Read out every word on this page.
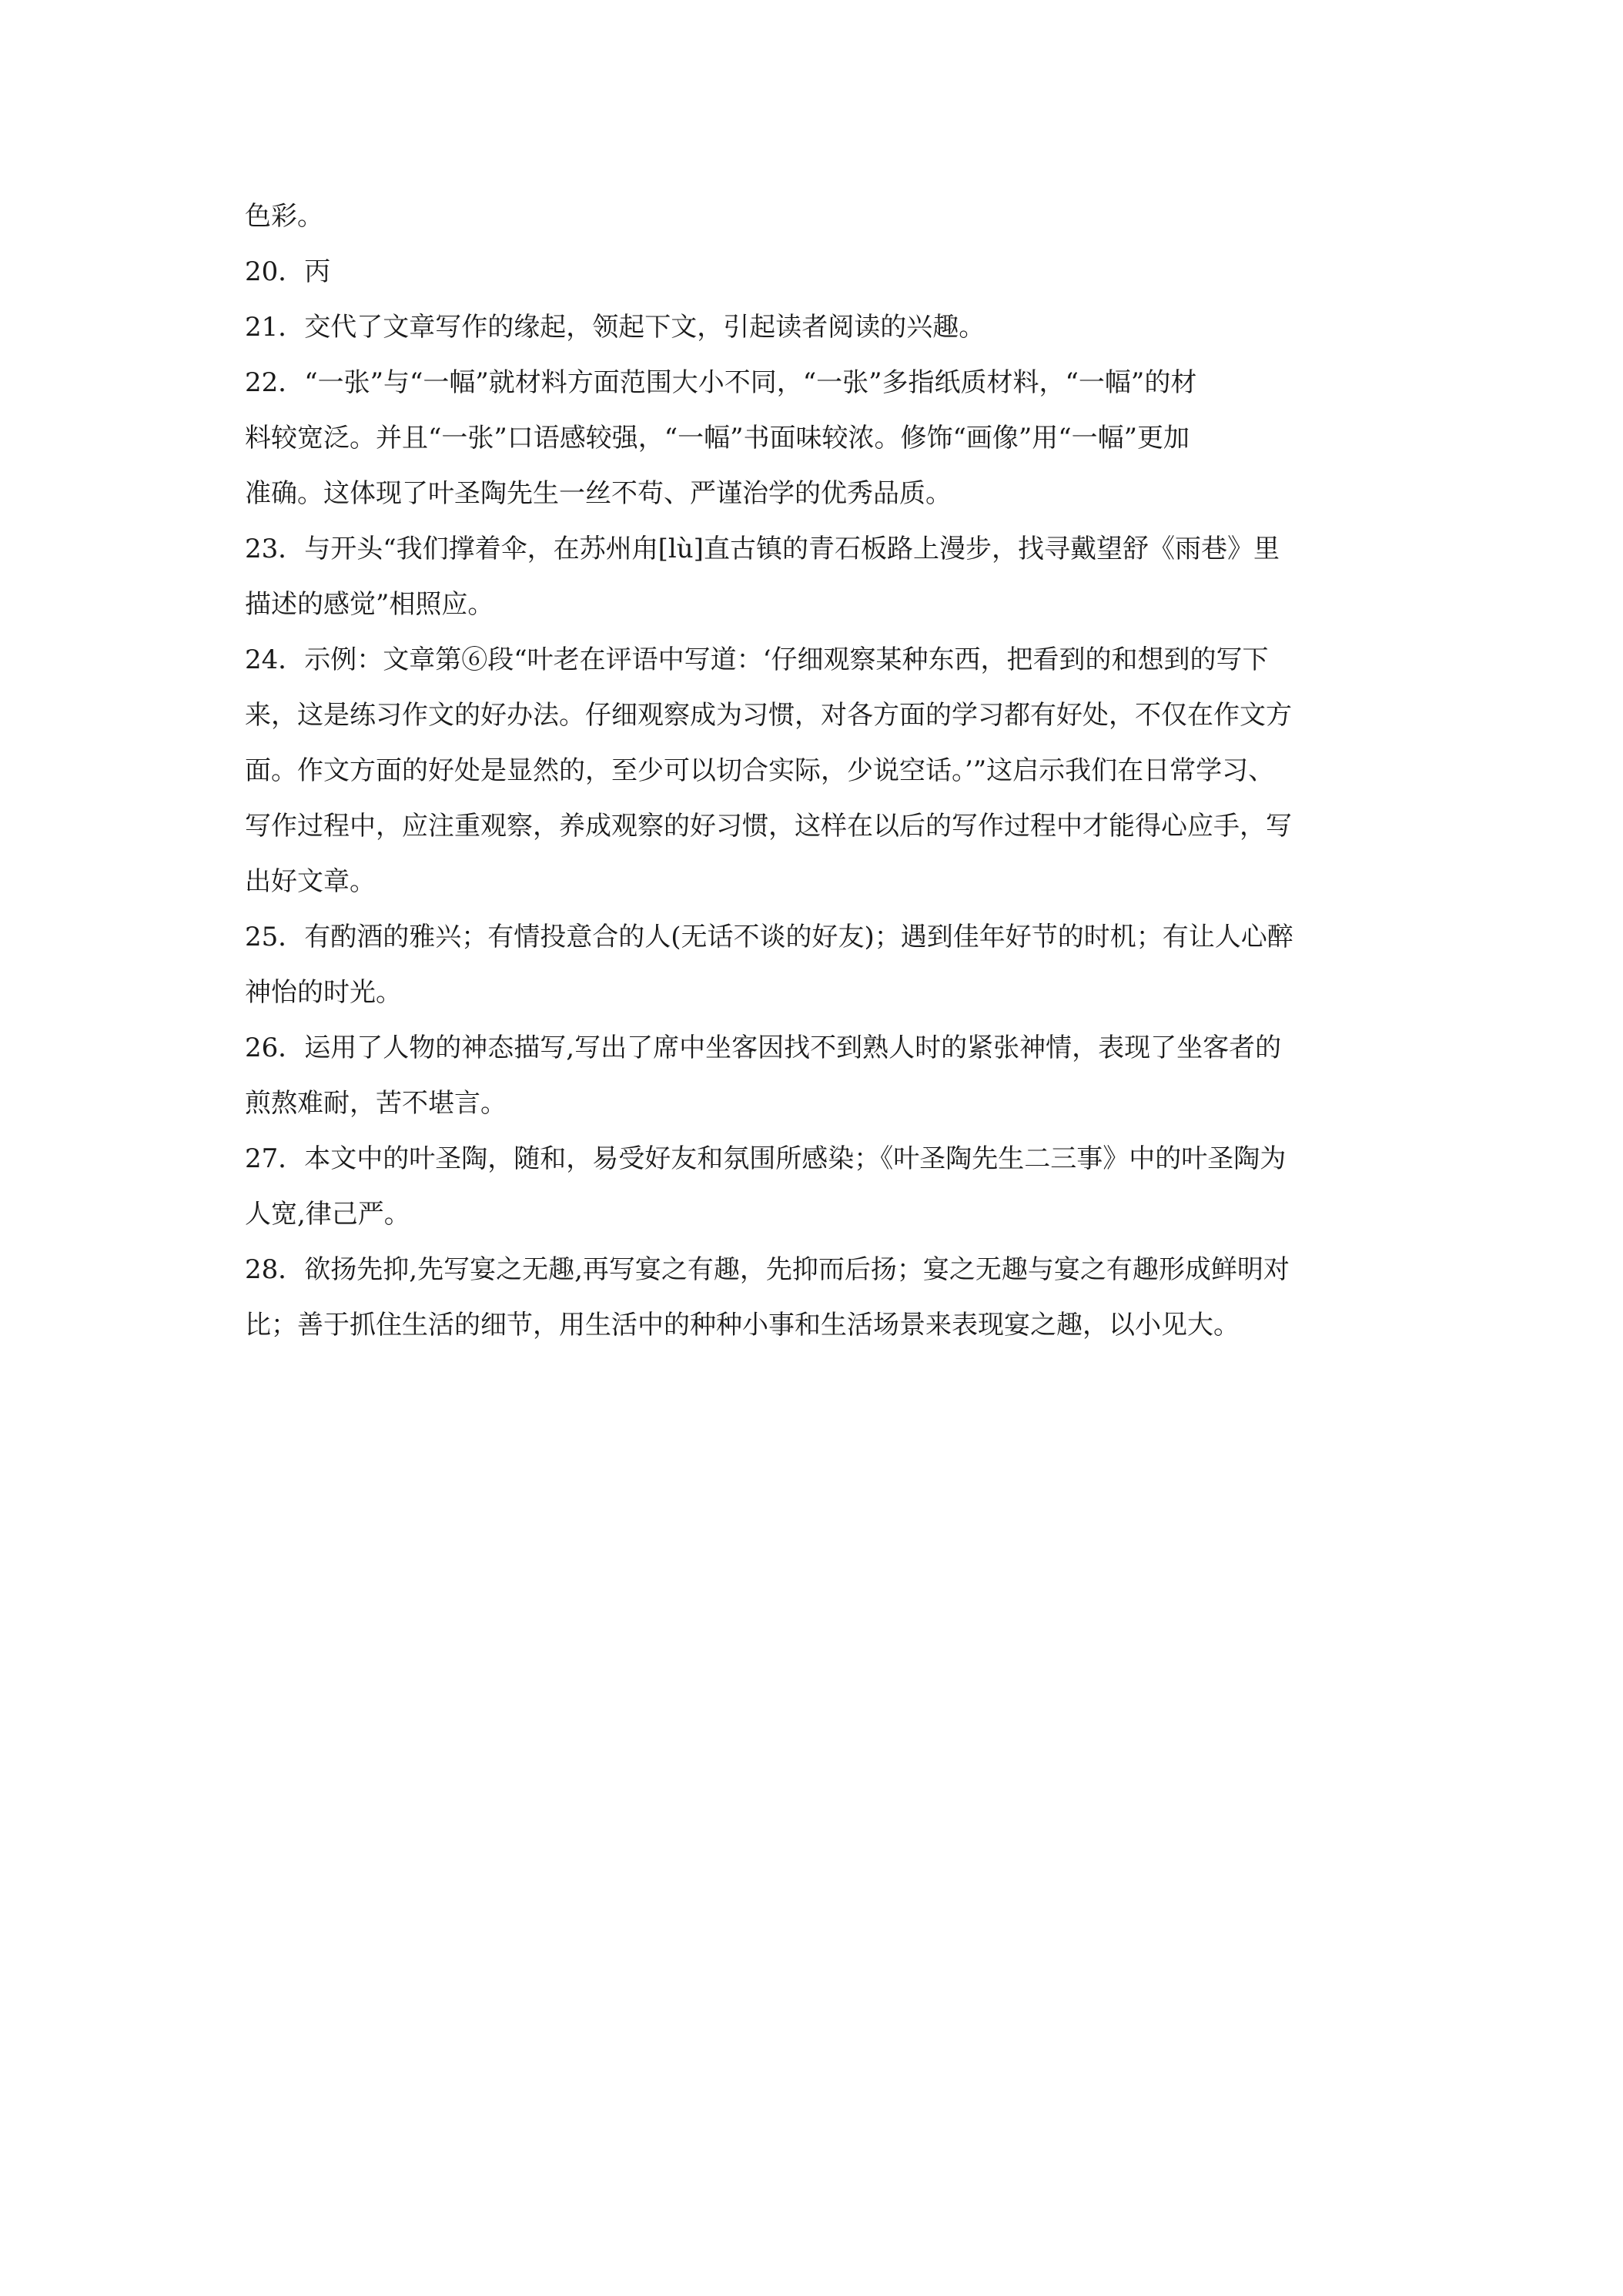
色彩。
20．丙
21．交代了文章写作的缘起，领起下文，引起读者阅读的兴趣。
22．“一张”与“一幅”就材料方面范围大小不同，“一张”多指纸质材料，“一幅”的材
料较宽泛。并且“一张”口语感较强，“一幅”书面味较浓。修饰“画像”用“一幅”更加
准确。这体现了叶圣陶先生一丝不苟、严谨治学的优秀品质。
23．与开头“我们撑着伞，在苏州甪[lù]直古镇的青石板路上漫步，找寻戴望舒《雨巷》里
描述的感觉”相照应。
24．示例：文章第⑥段“叶老在评语中写道：‘仔细观察某种东西，把看到的和想到的写下
来，这是练习作文的好办法。仔细观察成为习惯，对各方面的学习都有好处，不仅在作文方
面。作文方面的好处是显然的，至少可以切合实际，少说空话。’”这启示我们在日常学习、
写作过程中，应注重观察，养成观察的好习惯，这样在以后的写作过程中才能得心应手，写
出好文章。
25．有酌酒的雅兴；有情投意合的人(无话不谈的好友)；遇到佳年好节的时机；有让人心醉
神怡的时光。
26．运用了人物的神态描写,写出了席中坐客因找不到熟人时的紧张神情，表现了坐客者的
煎熬难耐，苦不堪言。
27．本文中的叶圣陶，随和，易受好友和氛围所感染；《叶圣陶先生二三事》中的叶圣陶为
人宽,律己严。
28．欲扬先抑,先写宴之无趣,再写宴之有趣，先抑而后扬；宴之无趣与宴之有趣形成鲜明对
比；善于抓住生活的细节，用生活中的种种小事和生活场景来表现宴之趣，以小见大。
